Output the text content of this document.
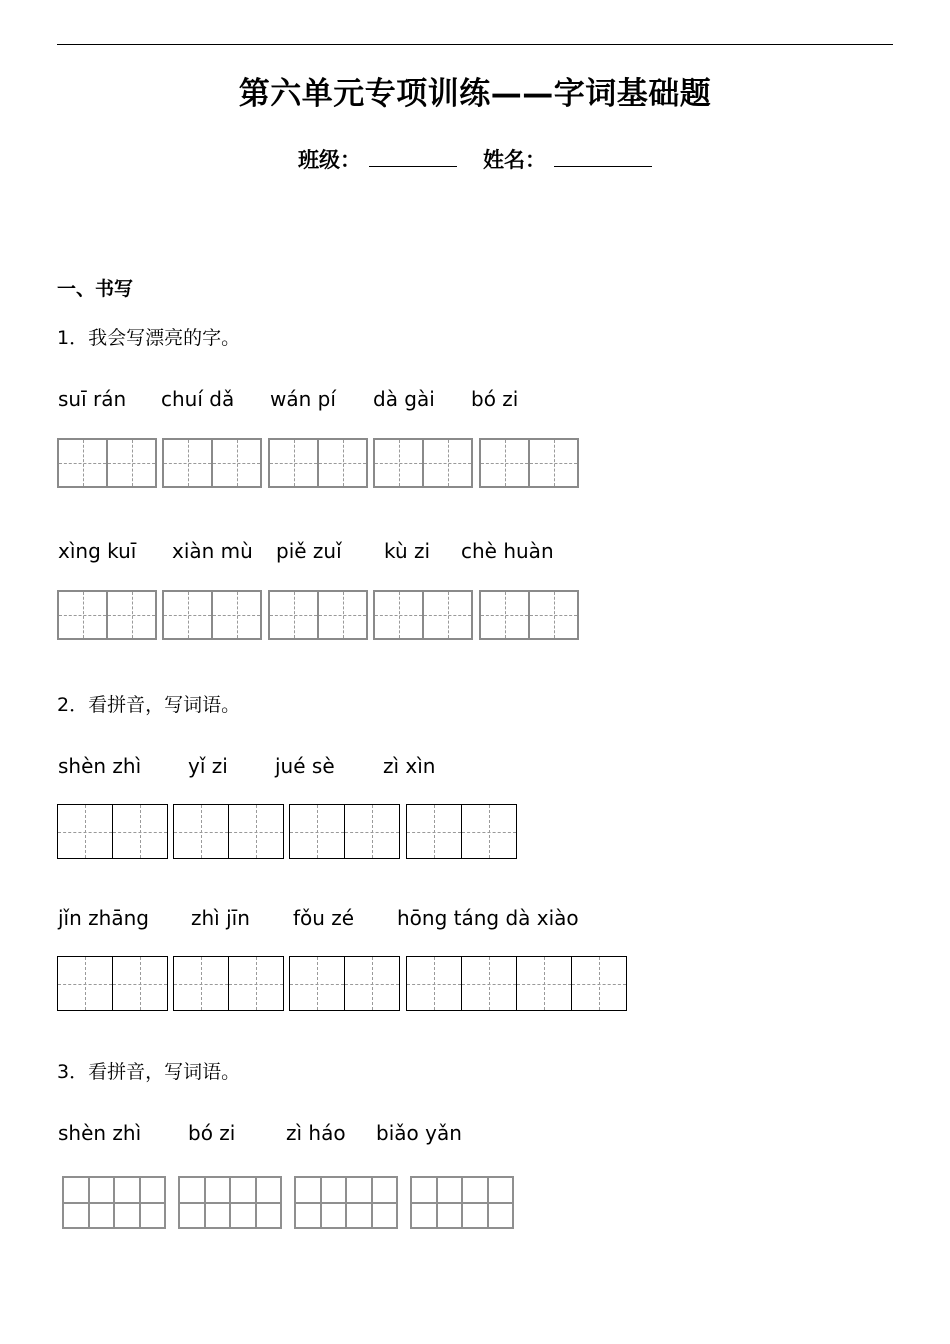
第六单元专项训练——字词基础题
班级：	姓名：
一、书写
1．我会写漂亮的字。
suī rán chuí dǎ wán pí dà gài bó zi
xìng kuī xiàn mù piě zuǐ kù zi chè huàn
2．看拼音，写词语。
shèn zhì yǐ zi jué sè zì xìn
jǐn zhāng zhì jīn fǒu zé hōng táng dà xiào
3．看拼音，写词语。
shèn zhì bó zi	zì háo biǎo yǎn
